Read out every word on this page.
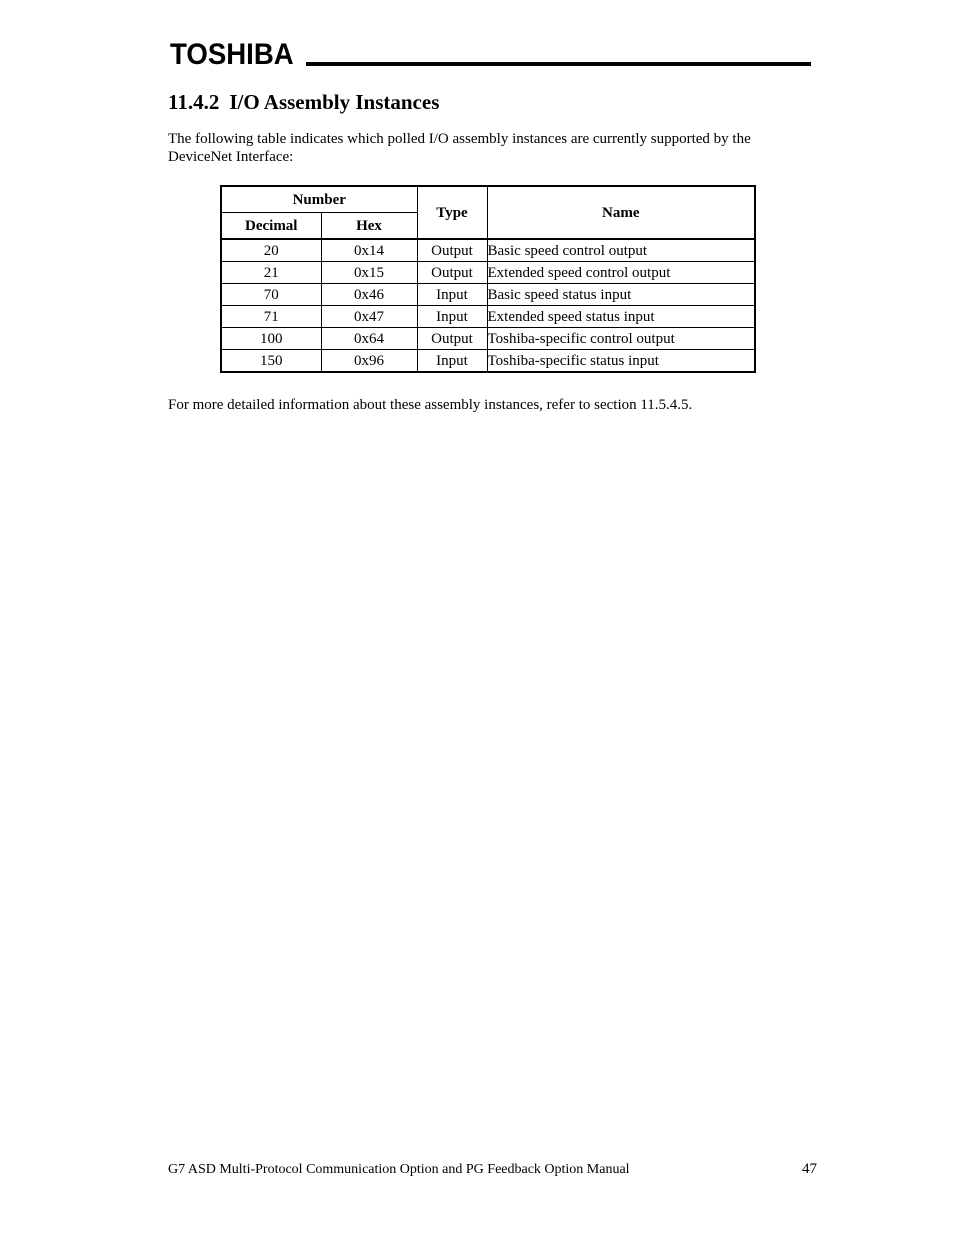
TOSHIBA
11.4.2 I/O Assembly Instances

The following table indicates which polled I/O assembly instances are currently supported by the DeviceNet Interface:

Number		Type	Name
Decimal	Hex		
20	0x14	Output	Basic speed control output
21	0x15	Output	Extended speed control output
70	0x46	Input	Basic speed status input
71	0x47	Input	Extended speed status input
100	0x64	Output	Toshiba-specific control output
150	0x96	Input	Toshiba-specific status input

For more detailed information about these assembly instances, refer to section 11.5.4.5.

G7 ASD Multi-Protocol Communication Option and PG Feedback Option Manual	47
